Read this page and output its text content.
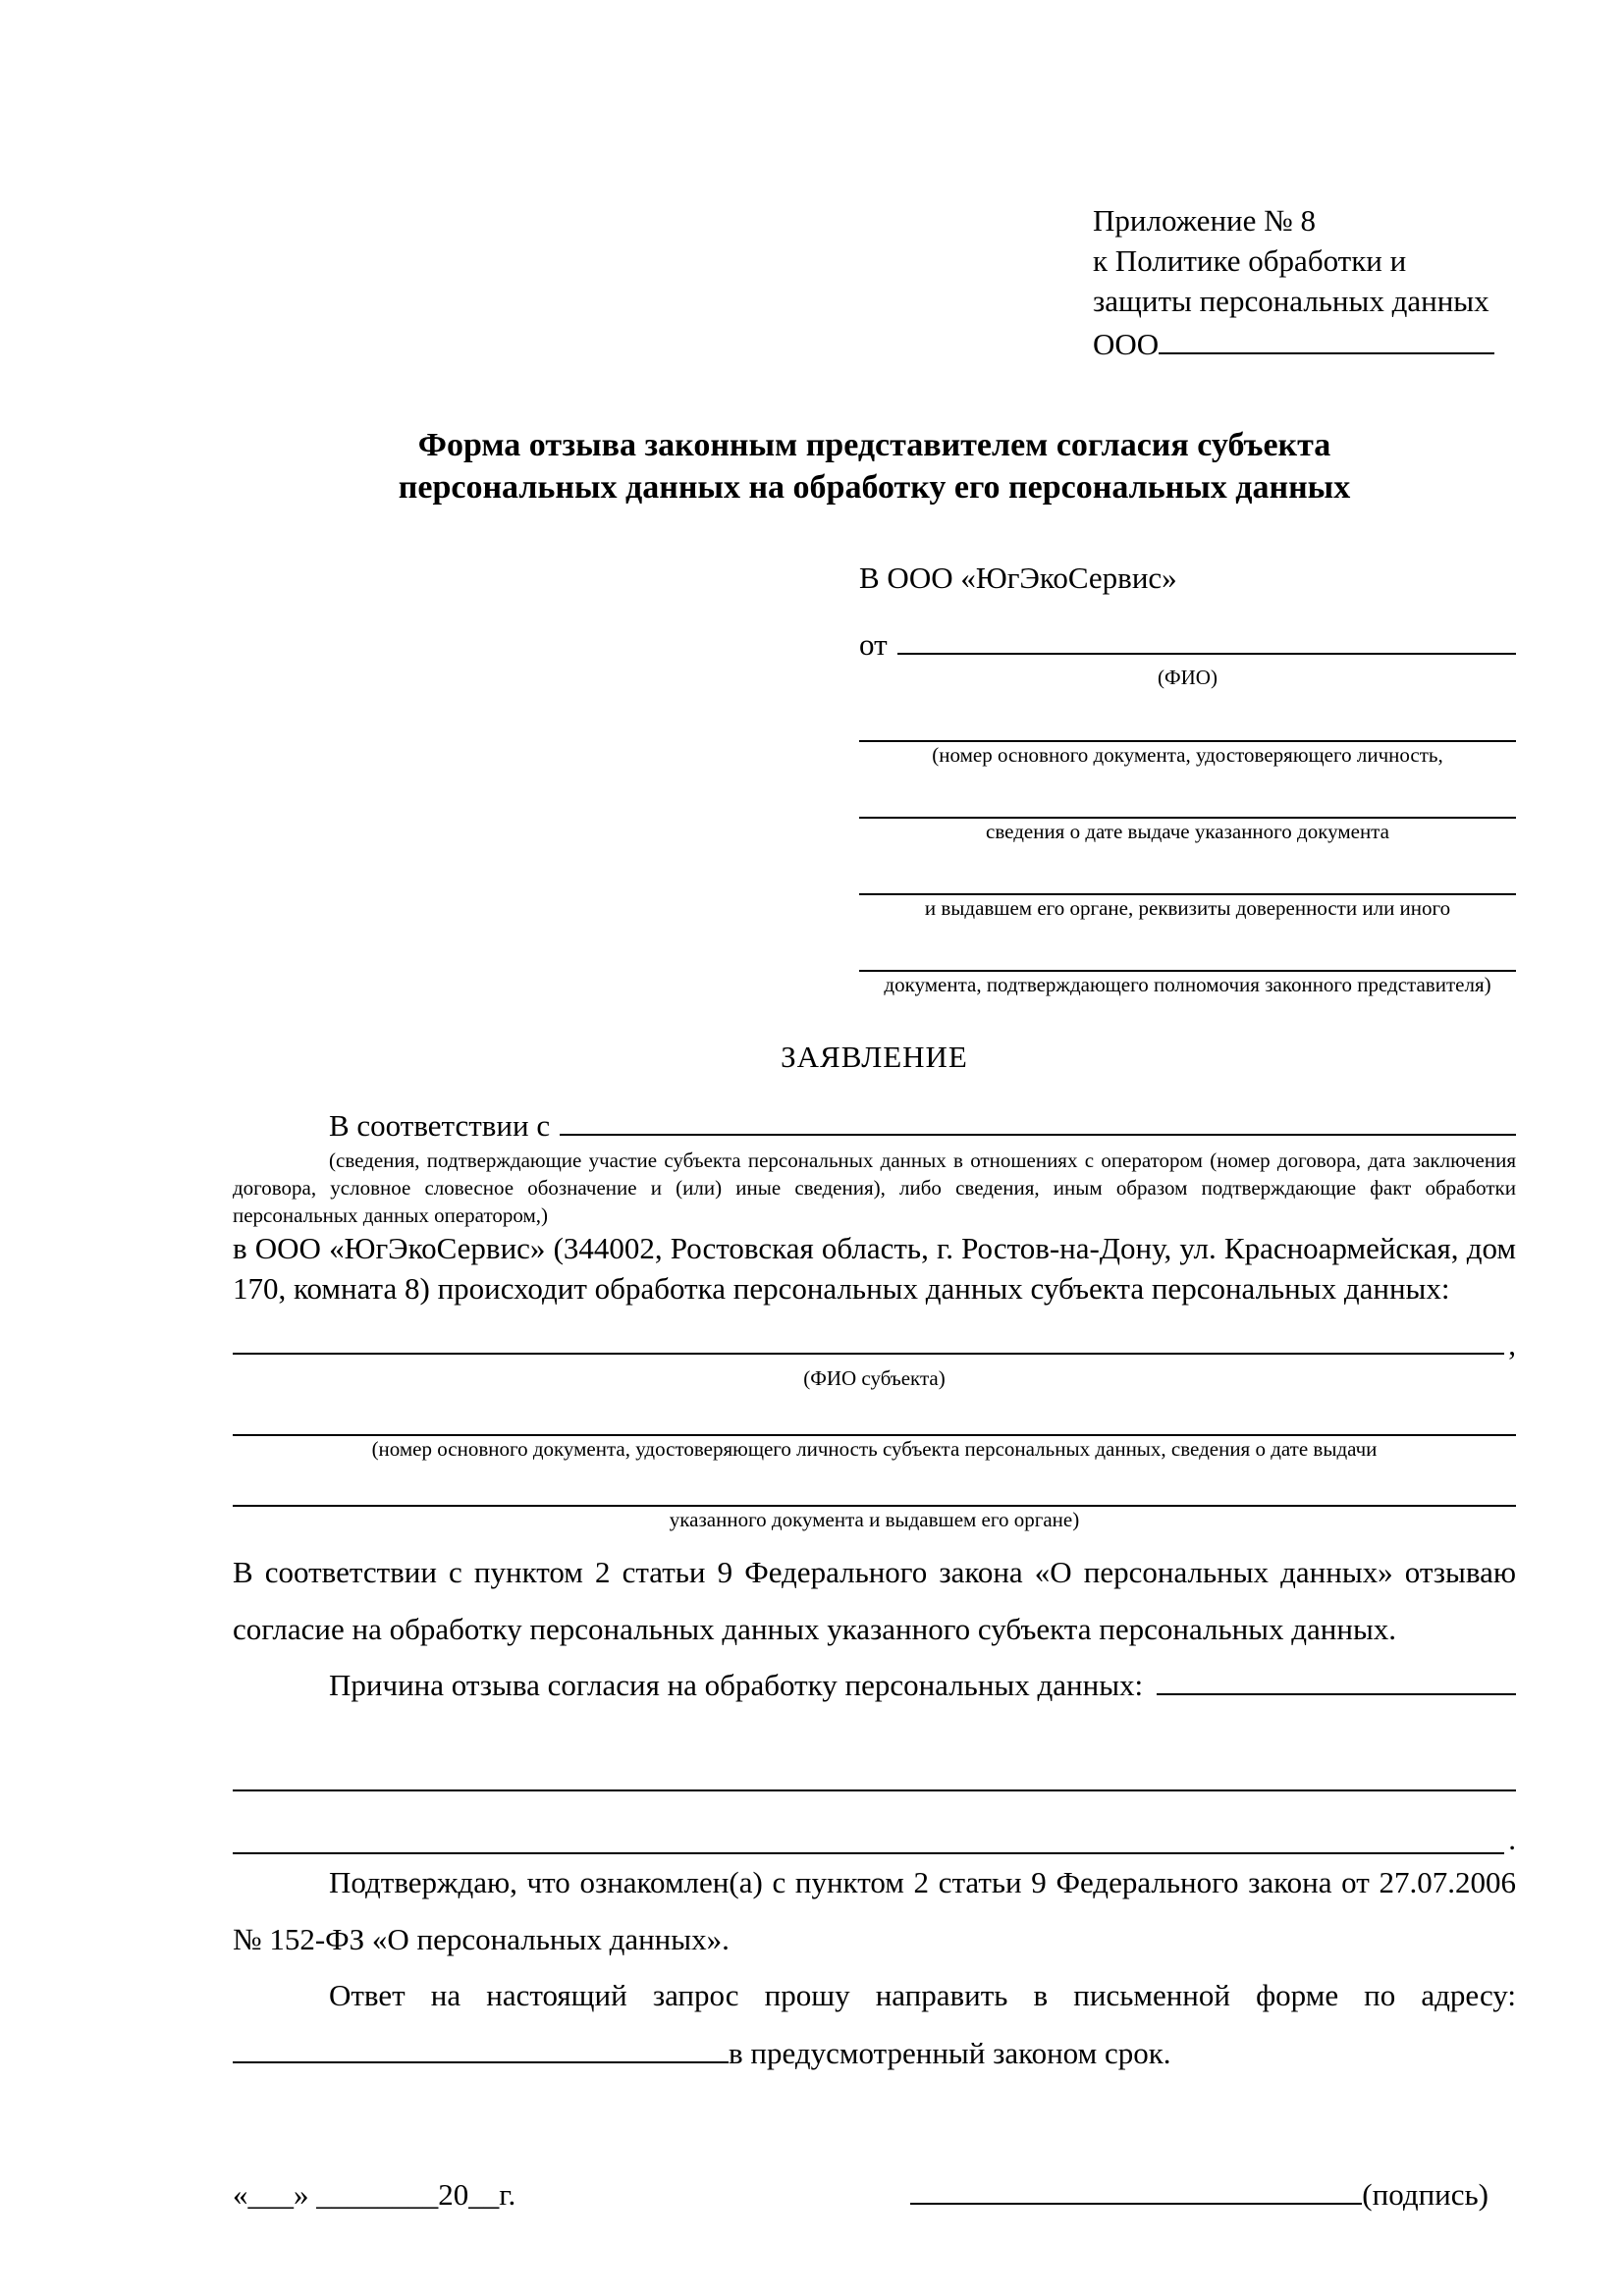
Приложение № 8
к Политике обработки и
защиты персональных данных
ООО
Форма отзыва законным представителем согласия субъекта
персональных данных на обработку его персональных данных
В ООО «ЮгЭкоСервис»
от
(ФИО)
(номер основного документа, удостоверяющего личность,
сведения о дате выдаче указанного документа
и выдавшем его органе, реквизиты доверенности или иного
документа, подтверждающего полномочия законного представителя)
ЗАЯВЛЕНИЕ
В соответствии с
(сведения, подтверждающие участие субъекта персональных данных в отношениях с оператором (номер договора, дата заключения договора, условное словесное обозначение и (или) иные сведения), либо сведения, иным образом подтверждающие факт обработки персональных данных оператором,)
в ООО «ЮгЭкоСервис» (344002, Ростовская область, г. Ростов-на-Дону, ул. Красноармейская, дом 170, комната 8) происходит обработка персональных данных субъекта персональных данных:
,
(ФИО субъекта)
(номер основного документа, удостоверяющего личность субъекта персональных данных, сведения о дате выдачи
указанного документа и выдавшем его органе)
В соответствии с пунктом 2 статьи 9 Федерального закона «О персональных данных» отзываю согласие на обработку персональных данных указанного субъекта персональных данных.
Причина отзыва согласия на обработку персональных данных:
.
Подтверждаю, что ознакомлен(а) с пунктом 2 статьи 9 Федерального закона от 27.07.2006 № 152-ФЗ «О персональных данных».
Ответ на настоящий запрос прошу направить в письменной форме по адресу:
в предусмотренный законом срок.
«___» ________20__г.	(подпись)
